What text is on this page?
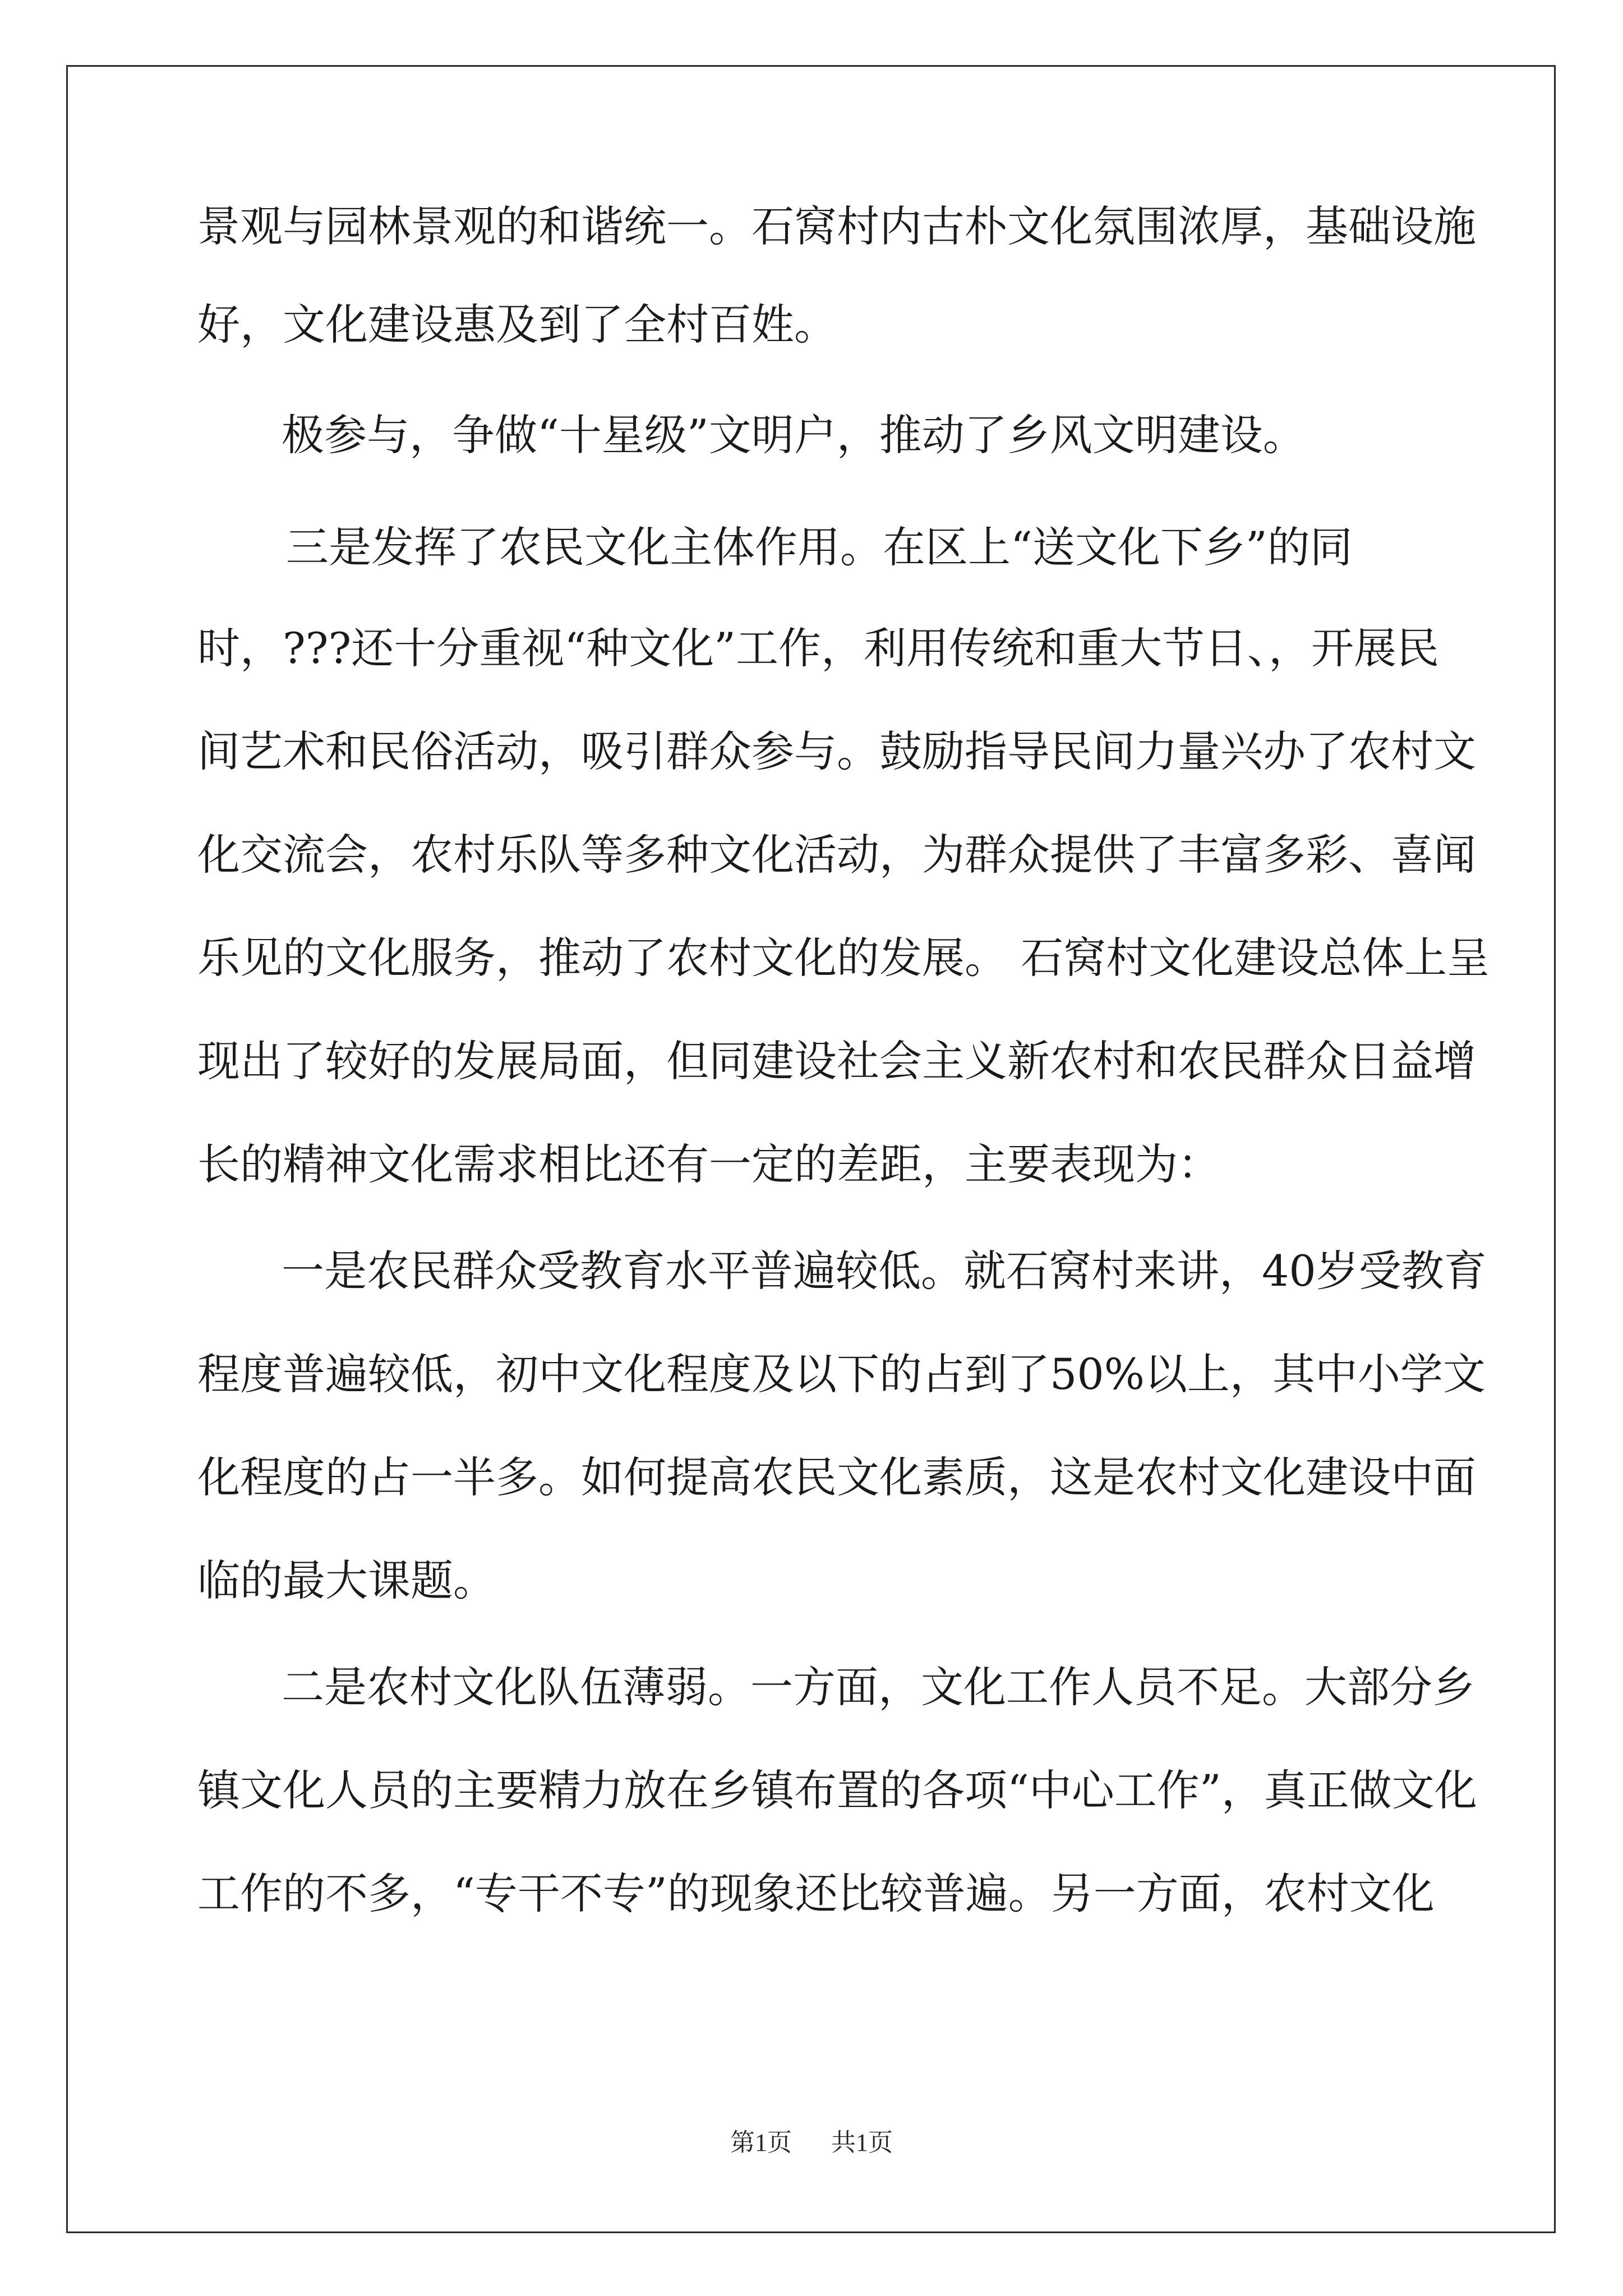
景观与园林景观的和谐统一。石窝村内古朴文化氛围浓厚，基础设施
好，文化建设惠及到了全村百姓。
极参与，争做“十星级”文明户，推动了乡风文明建设。
三是发挥了农民文化主体作用。在区上“送文化下乡”的同
时，???还十分重视“种文化”工作，利用传统和重大节日、，开展民
间艺术和民俗活动，吸引群众参与。鼓励指导民间力量兴办了农村文
化交流会，农村乐队等多种文化活动，为群众提供了丰富多彩、喜闻
乐见的文化服务，推动了农村文化的发展。 石窝村文化建设总体上呈
现出了较好的发展局面，但同建设社会主义新农村和农民群众日益增
长的精神文化需求相比还有一定的差距，主要表现为：
一是农民群众受教育水平普遍较低。就石窝村来讲，40岁受教育
程度普遍较低，初中文化程度及以下的占到了50%以上，其中小学文
化程度的占一半多。如何提高农民文化素质，这是农村文化建设中面
临的最大课题。
二是农村文化队伍薄弱。一方面，文化工作人员不足。大部分乡
镇文化人员的主要精力放在乡镇布置的各项“中心工作”，真正做文化
工作的不多，“专干不专”的现象还比较普遍。另一方面，农村文化
第1页 共1页
